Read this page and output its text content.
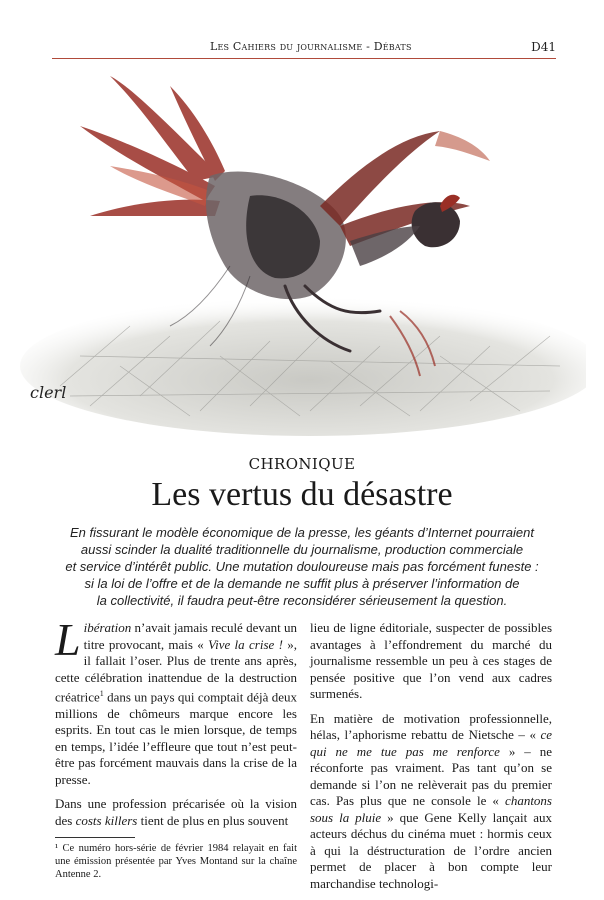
Les Cahiers du journalisme - Débats	D41
clerl
CHRONIQUE
Les vertus du désastre

En fissurant le modèle économique de la presse, les géants d’Internet pourraient

aussi scinder la dualité traditionnelle du journalisme, production commerciale

et service d’intérêt public. Une mutation douloureuse mais pas forcément funeste :

si la loi de l’offre et de la demande ne suffit plus à préserver l’information de

la collectivité, il faudra peut-être reconsidérer sérieusement la question.

Libération n’avait jamais reculé devant un titre provocant, mais « Vive la crise ! », il fallait l’oser. Plus de trente ans après, cette célébration inattendue de la destruction créatrice$^1$ dans un pays qui comptait déjà deux millions de chômeurs marque encore les esprits. En tout cas le mien lorsque, de temps en temps, l’idée l’effleure que tout n’est peut-être pas forcément mauvais dans la crise de la presse.

Dans une profession précarisée où la vision des costs killers tient de plus en plus souvent

¹ Ce numéro hors-série de février 1984 relayait en fait une émission présentée par Yves Montand sur la chaîne Antenne 2.

lieu de ligne éditoriale, suspecter de possibles avantages à l’effondrement du marché du journalisme ressemble un peu à ces stages de pensée positive que l’on vend aux cadres surmenés.

En matière de motivation professionnelle, hélas, l’aphorisme rebattu de Nietsche – « ce qui ne me tue pas me renforce » – ne réconforte pas vraiment. Pas tant qu’on se demande si l’on ne relèverait pas du premier cas. Pas plus que ne console le « chantons sous la pluie » que Gene Kelly lançait aux acteurs déchus du cinéma muet : hormis ceux à qui la déstructuration de l’ordre ancien permet de placer à bon compte leur marchandise technologi-
